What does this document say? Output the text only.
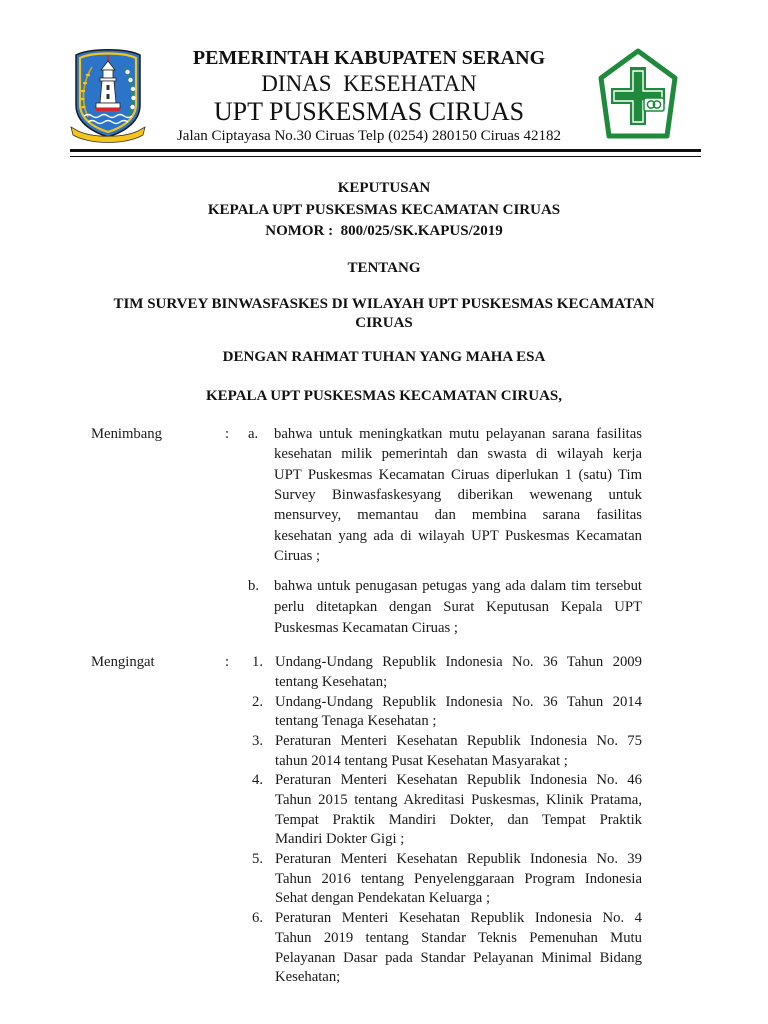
PEMERINTAH KABUPATEN SERANG
DINAS  KESEHATAN
UPT PUSKESMAS CIRUAS
Jalan Ciptayasa No.30 Ciruas Telp (0254) 280150 Ciruas 42182
KEPUTUSAN
KEPALA UPT PUSKESMAS KECAMATAN CIRUAS
NOMOR :  800/025/SK.KAPUS/2019
TENTANG
TIM SURVEY BINWASFASKES DI WILAYAH UPT PUSKESMAS KECAMATAN
CIRUAS
DENGAN RAHMAT TUHAN YANG MAHA ESA
KEPALA UPT PUSKESMAS KECAMATAN CIRUAS,
Menimbang	: a. bahwa untuk meningkatkan mutu pelayanan sarana fasilitas
kesehatan milik pemerintah dan swasta di wilayah kerja
UPT Puskesmas Kecamatan Ciruas diperlukan 1 (satu) Tim
Survey Binwasfaskesyang diberikan wewenang untuk
mensurvey, memantau dan membina sarana fasilitas
kesehatan yang ada di wilayah UPT Puskesmas Kecamatan
Ciruas ;
b. bahwa untuk penugasan petugas yang ada dalam tim tersebut
perlu ditetapkan dengan Surat Keputusan Kepala UPT
Puskesmas Kecamatan Ciruas ;
Mengingat	: 1. Undang-Undang Republik Indonesia No. 36 Tahun 2009
tentang Kesehatan;
2. Undang-Undang Republik Indonesia No. 36 Tahun 2014
tentang Tenaga Kesehatan ;
3. Peraturan Menteri Kesehatan Republik Indonesia No. 75
tahun 2014 tentang Pusat Kesehatan Masyarakat ;
4. Peraturan Menteri Kesehatan Republik Indonesia No. 46
Tahun 2015 tentang Akreditasi Puskesmas, Klinik Pratama,
Tempat Praktik Mandiri Dokter, dan Tempat Praktik
Mandiri Dokter Gigi ;
5. Peraturan Menteri Kesehatan Republik Indonesia No. 39
Tahun 2016 tentang Penyelenggaraan Program Indonesia
Sehat dengan Pendekatan Keluarga ;
6. Peraturan Menteri Kesehatan Republik Indonesia No. 4
Tahun 2019 tentang Standar Teknis Pemenuhan Mutu
Pelayanan Dasar pada Standar Pelayanan Minimal Bidang
Kesehatan;
